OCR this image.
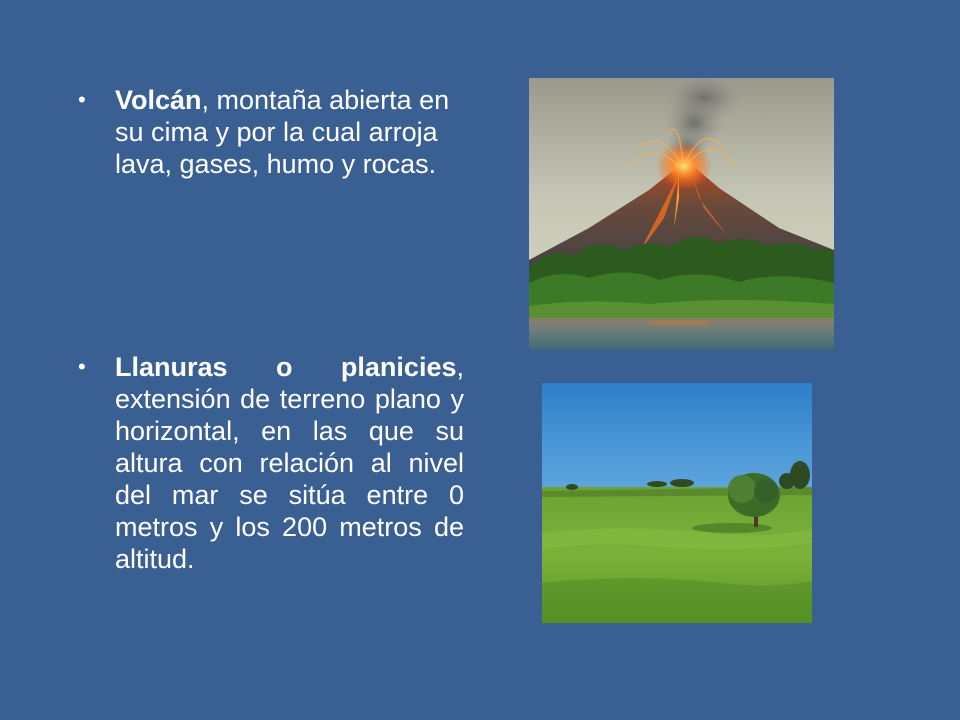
• Volcán, montaña abierta en su cima y por la cual arroja lava, gases, humo y rocas.
• Llanuras o planicies, extensión de terreno plano y horizontal, en las que su altura con relación al nivel del mar se sitúa entre 0 metros y los 200 metros de altitud.
